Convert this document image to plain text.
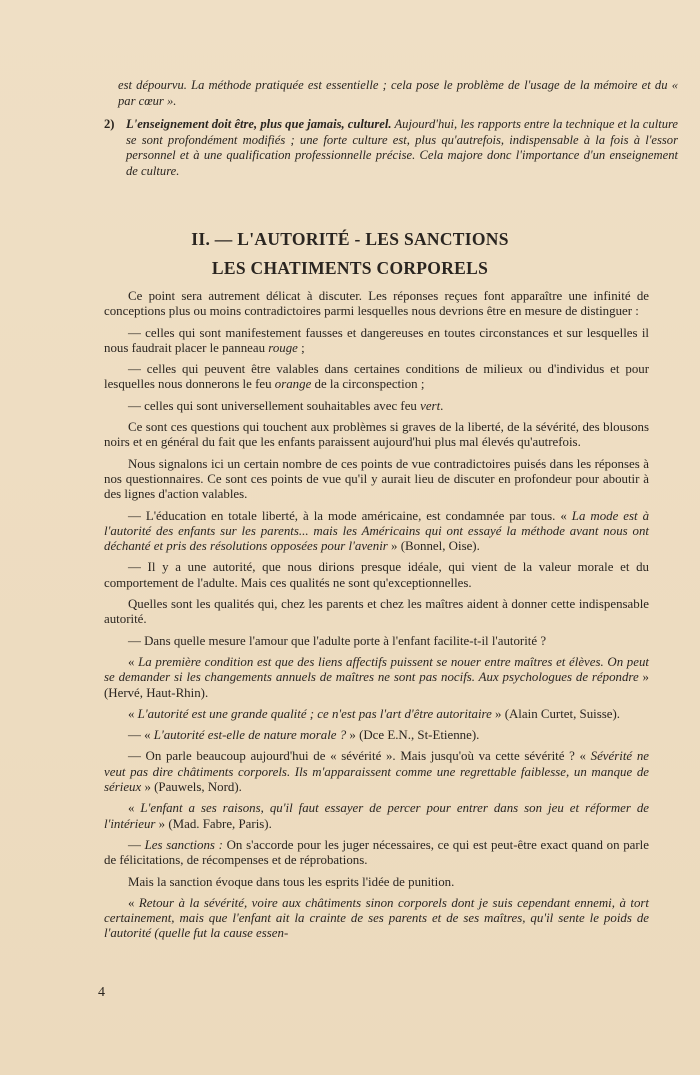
est dépourvu. La méthode pratiquée est essentielle ; cela pose le problème de l'usage de la mémoire et du « par cœur ».

2) L'enseignement doit être, plus que jamais, culturel. Aujourd'hui, les rapports entre la technique et la culture se sont profondément modifiés ; une forte culture est, plus qu'autrefois, indispensable à la fois à l'essor personnel et à une qualification professionnelle précise. Cela majore donc l'importance d'un enseignement de culture.
II. — L'AUTORITÉ - LES SANCTIONS
LES CHATIMENTS CORPORELS

Ce point sera autrement délicat à discuter. Les réponses reçues font apparaître une infinité de conceptions plus ou moins contradictoires parmi lesquelles nous devrions être en mesure de distinguer :

— celles qui sont manifestement fausses et dangereuses en toutes circonstances et sur lesquelles il nous faudrait placer le panneau rouge ;

— celles qui peuvent être valables dans certaines conditions de milieux ou d'individus et pour lesquelles nous donnerons le feu orange de la circonspection ;

— celles qui sont universellement souhaitables avec feu vert.

Ce sont ces questions qui touchent aux problèmes si graves de la liberté, de la sévérité, des blousons noirs et en général du fait que les enfants paraissent aujourd'hui plus mal élevés qu'autrefois.

Nous signalons ici un certain nombre de ces points de vue contradictoires puisés dans les réponses à nos questionnaires. Ce sont ces points de vue qu'il y aurait lieu de discuter en profondeur pour aboutir à des lignes d'action valables.

— L'éducation en totale liberté, à la mode américaine, est condamnée par tous. « La mode est à l'autorité des enfants sur les parents... mais les Américains qui ont essayé la méthode avant nous ont déchanté et pris des résolutions opposées pour l'avenir » (Bonnel, Oise).

— Il y a une autorité, que nous dirions presque idéale, qui vient de la valeur morale et du comportement de l'adulte. Mais ces qualités ne sont qu'exceptionnelles.

Quelles sont les qualités qui, chez les parents et chez les maîtres aident à donner cette indispensable autorité.

— Dans quelle mesure l'amour que l'adulte porte à l'enfant facilite-t-il l'autorité ?

« La première condition est que des liens affectifs puissent se nouer entre maîtres et élèves. On peut se demander si les changements annuels de maîtres ne sont pas nocifs. Aux psychologues de répondre » (Hervé, Haut-Rhin).

« L'autorité est une grande qualité ; ce n'est pas l'art d'être autoritaire » (Alain Curtet, Suisse).

— « L'autorité est-elle de nature morale ? » (Dce E.N., St-Etienne).

— On parle beaucoup aujourd'hui de « sévérité ». Mais jusqu'où va cette sévérité ? « Sévérité ne veut pas dire châtiments corporels. Ils m'apparaissent comme une regrettable faiblesse, un manque de sérieux » (Pauwels, Nord).

« L'enfant a ses raisons, qu'il faut essayer de percer pour entrer dans son jeu et réformer de l'intérieur » (Mad. Fabre, Paris).

— Les sanctions : On s'accorde pour les juger nécessaires, ce qui est peut-être exact quand on parle de félicitations, de récompenses et de réprobations.

Mais la sanction évoque dans tous les esprits l'idée de punition.

« Retour à la sévérité, voire aux châtiments sinon corporels dont je suis cependant ennemi, à tort certainement, mais que l'enfant ait la crainte de ses parents et de ses maîtres, qu'il sente le poids de l'autorité (quelle fut la cause essen-

4
